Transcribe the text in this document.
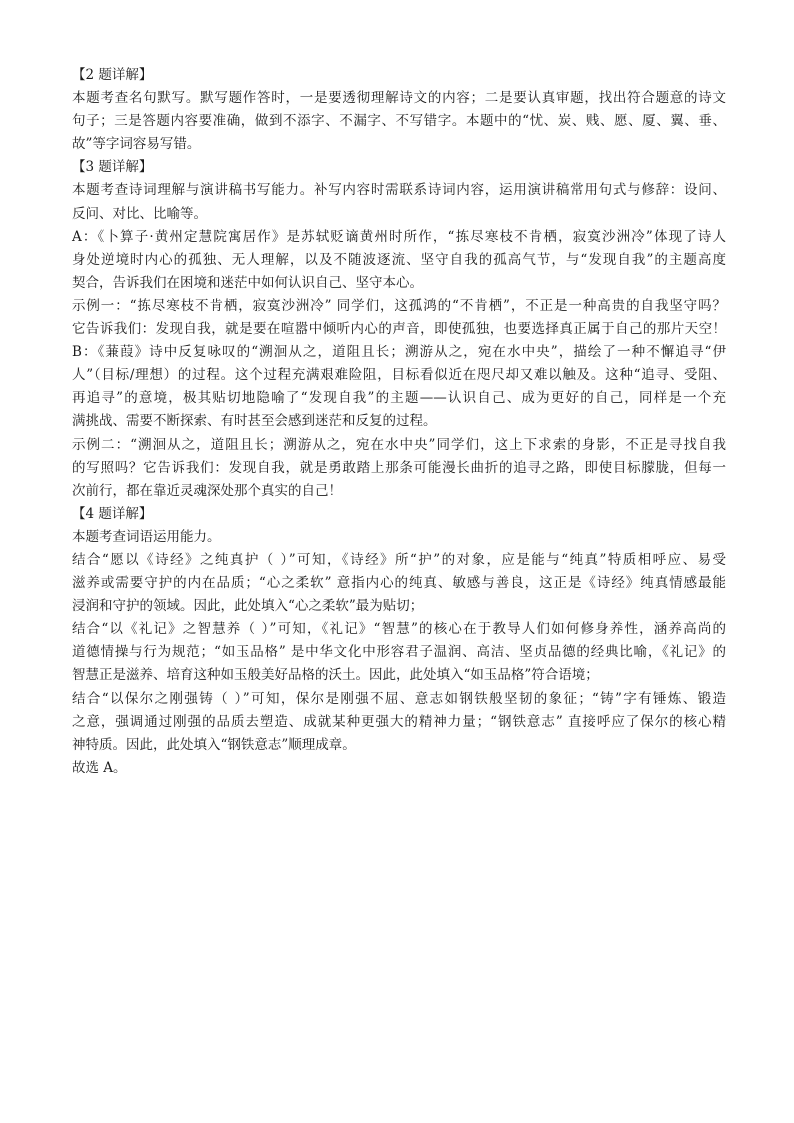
【2 题详解】
本题考查名句默写。默写题作答时，一是要透彻理解诗文的内容；二是要认真审题，找出符合题意的诗文
句子；三是答题内容要准确，做到不添字、不漏字、不写错字。本题中的“忧、炭、贱、愿、厦、翼、垂、
故”等字词容易写错。
【3 题详解】
本题考查诗词理解与演讲稿书写能力。补写内容时需联系诗词内容，运用演讲稿常用句式与修辞：设问、
反问、对比、比喻等。
A：《卜算子·黄州定慧院寓居作》是苏轼贬谪黄州时所作，“拣尽寒枝不肯栖，寂寞沙洲冷”体现了诗人
身处逆境时内心的孤独、无人理解，以及不随波逐流、坚守自我的孤高气节，与“发现自我”的主题高度
契合，告诉我们在困境和迷茫中如何认识自己、坚守本心。
示例一：“拣尽寒枝不肯栖，寂寞沙洲冷” 同学们，这孤鸿的“不肯栖”，不正是一种高贵的自我坚守吗？
它告诉我们：发现自我，就是要在喧嚣中倾听内心的声音，即使孤独，也要选择真正属于自己的那片天空！
B：《蒹葭》诗中反复咏叹的“溯洄从之，道阻且长；溯游从之，宛在水中央”，描绘了一种不懈追寻“伊
人”（目标/理想）的过程。这个过程充满艰难险阻，目标看似近在咫尺却又难以触及。这种“追寻、受阻、
再追寻”的意境，极其贴切地隐喻了“发现自我”的主题——认识自己、成为更好的自己，同样是一个充
满挑战、需要不断探索、有时甚至会感到迷茫和反复的过程。
示例二：“溯洄从之，道阻且长；溯游从之，宛在水中央”同学们，这上下求索的身影，不正是寻找自我
的写照吗？它告诉我们：发现自我，就是勇敢踏上那条可能漫长曲折的追寻之路，即使目标朦胧，但每一
次前行，都在靠近灵魂深处那个真实的自己！
【4 题详解】
本题考查词语运用能力。
结合“愿以《诗经》之纯真护（ ）”可知，《诗经》所“护”的对象，应是能与“纯真”特质相呼应、易受
滋养或需要守护的内在品质；“心之柔软” 意指内心的纯真、敏感与善良，这正是《诗经》纯真情感最能
浸润和守护的领域。因此，此处填入“心之柔软”最为贴切；
结合“以《礼记》之智慧养（ ）”可知，《礼记》“智慧”的核心在于教导人们如何修身养性，涵养高尚的
道德情操与行为规范；“如玉品格” 是中华文化中形容君子温润、高洁、坚贞品德的经典比喻，《礼记》的
智慧正是滋养、培育这种如玉般美好品格的沃土。因此，此处填入“如玉品格”符合语境；
结合“以保尔之刚强铸（ ）”可知，保尔是刚强不屈、意志如钢铁般坚韧的象征；“铸”字有锤炼、锻造
之意，强调通过刚强的品质去塑造、成就某种更强大的精神力量；“钢铁意志” 直接呼应了保尔的核心精
神特质。因此，此处填入“钢铁意志”顺理成章。
故选 A。
